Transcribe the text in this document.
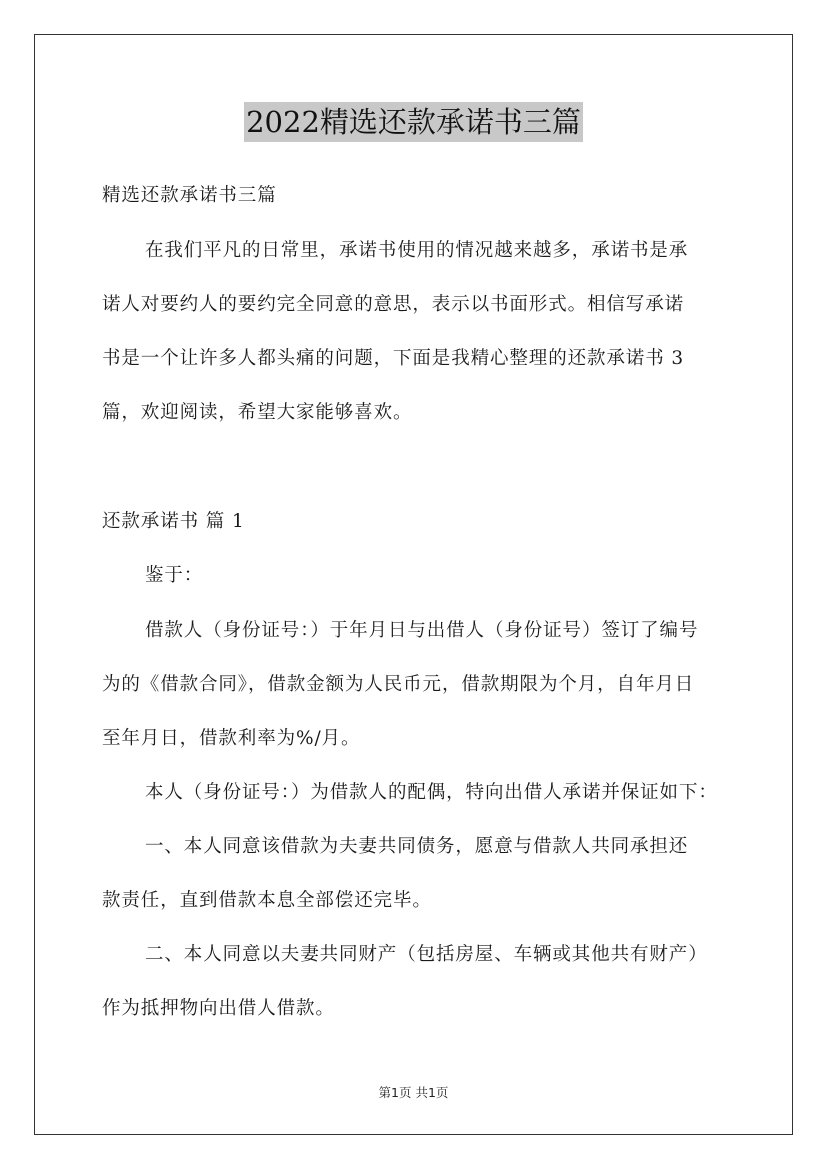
2022精选还款承诺书三篇
精选还款承诺书三篇
在我们平凡的日常里，承诺书使用的情况越来越多，承诺书是承
诺人对要约人的要约完全同意的意思，表示以书面形式。相信写承诺
书是一个让许多人都头痛的问题，下面是我精心整理的还款承诺书 3
篇，欢迎阅读，希望大家能够喜欢。
还款承诺书 篇 1
鉴于：
借款人（身份证号：）于年月日与出借人（身份证号）签订了编号
为的《借款合同》，借款金额为人民币元，借款期限为个月，自年月日
至年月日，借款利率为%/月。
本人（身份证号：）为借款人的配偶，特向出借人承诺并保证如下：
一、本人同意该借款为夫妻共同债务，愿意与借款人共同承担还
款责任，直到借款本息全部偿还完毕。
二、本人同意以夫妻共同财产（包括房屋、车辆或其他共有财产）
作为抵押物向出借人借款。
第1页 共1页
